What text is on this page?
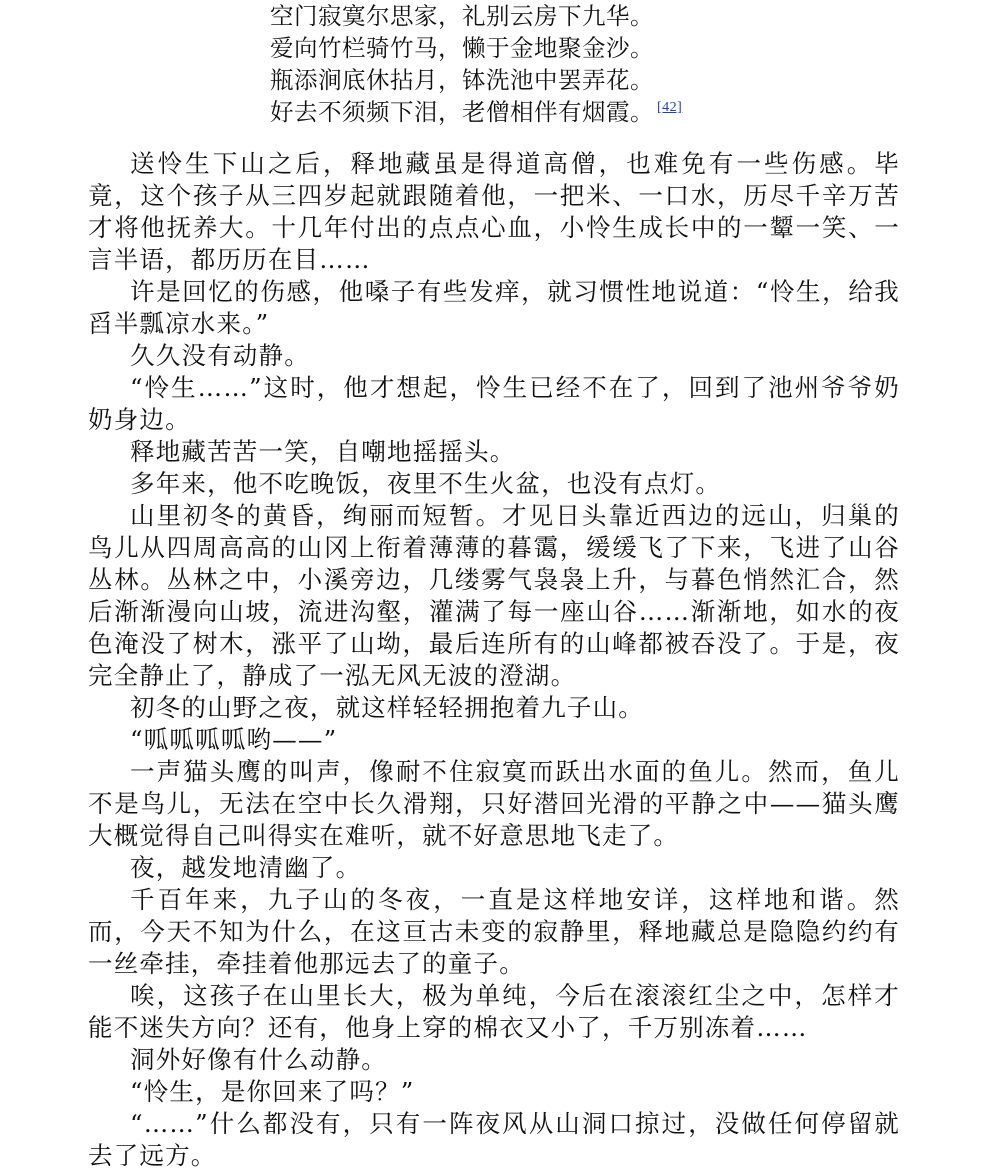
空门寂寞尔思家，礼别云房下九华。
爱向竹栏骑竹马，懒于金地聚金沙。
瓶添涧底休拈月，钵洗池中罢弄花。
好去不须频下泪，老僧相伴有烟霞。 [42]

送怜生下山之后，释地藏虽是得道高僧，也难免有一些伤感。毕竟，这个孩子从三四岁起就跟随着他，一把米、一口水，历尽千辛万苦才将他抚养大。十几年付出的点点心血，小怜生成长中的一颦一笑、一言半语，都历历在目……

许是回忆的伤感，他嗓子有些发痒，就习惯性地说道：“怜生，给我舀半瓢凉水来。”

久久没有动静。

“怜生……”这时，他才想起，怜生已经不在了，回到了池州爷爷奶奶身边。

释地藏苦苦一笑，自嘲地摇摇头。

多年来，他不吃晚饭，夜里不生火盆，也没有点灯。

山里初冬的黄昏，绚丽而短暂。才见日头靠近西边的远山，归巢的鸟儿从四周高高的山冈上衔着薄薄的暮霭，缓缓飞了下来，飞进了山谷丛林。丛林之中，小溪旁边，几缕雾气袅袅上升，与暮色悄然汇合，然后渐渐漫向山坡，流进沟壑，灌满了每一座山谷……渐渐地，如水的夜色淹没了树木，涨平了山坳，最后连所有的山峰都被吞没了。于是，夜完全静止了，静成了一泓无风无波的澄湖。

初冬的山野之夜，就这样轻轻拥抱着九子山。

“呱呱呱呱哟——”

一声猫头鹰的叫声，像耐不住寂寞而跃出水面的鱼儿。然而，鱼儿不是鸟儿，无法在空中长久滑翔，只好潜回光滑的平静之中——猫头鹰大概觉得自己叫得实在难听，就不好意思地飞走了。

夜，越发地清幽了。

千百年来，九子山的冬夜，一直是这样地安详，这样地和谐。然而，今天不知为什么，在这亘古未变的寂静里，释地藏总是隐隐约约有一丝牵挂，牵挂着他那远去了的童子。

唉，这孩子在山里长大，极为单纯，今后在滚滚红尘之中，怎样才能不迷失方向？还有，他身上穿的棉衣又小了，千万别冻着……

洞外好像有什么动静。

“怜生，是你回来了吗？”

“……”什么都没有，只有一阵夜风从山洞口掠过，没做任何停留就去了远方。
